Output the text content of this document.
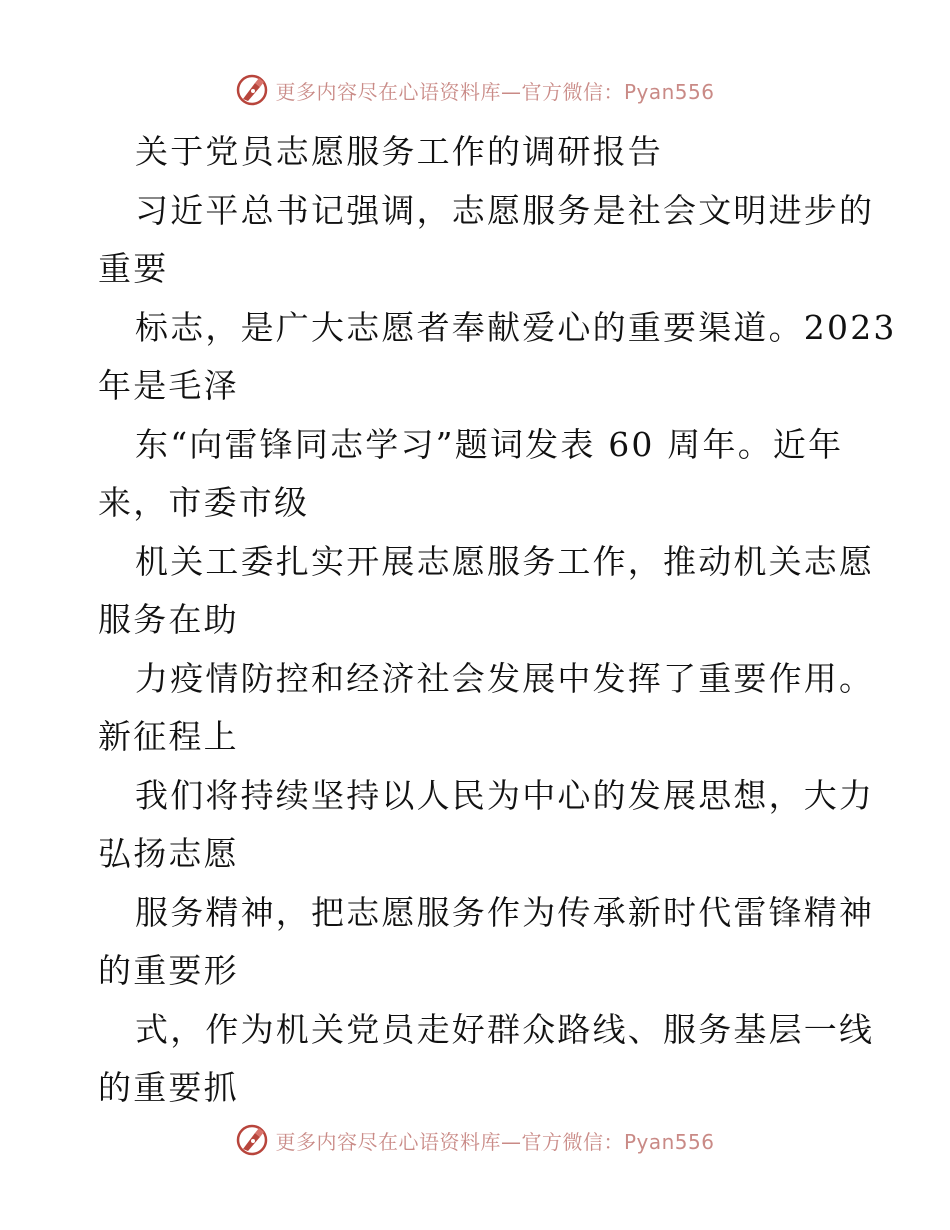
更多内容尽在心语资料库—官方微信：Pyan556
关于党员志愿服务工作的调研报告
习近平总书记强调，志愿服务是社会文明进步的
重要
标志，是广大志愿者奉献爱心的重要渠道。2023
年是毛泽
东“向雷锋同志学习”题词发表 60 周年。近年
来，市委市级
机关工委扎实开展志愿服务工作，推动机关志愿
服务在助
力疫情防控和经济社会发展中发挥了重要作用。
新征程上
我们将持续坚持以人民为中心的发展思想，大力
弘扬志愿
服务精神，把志愿服务作为传承新时代雷锋精神
的重要形
式，作为机关党员走好群众路线、服务基层一线
的重要抓
更多内容尽在心语资料库—官方微信：Pyan556
